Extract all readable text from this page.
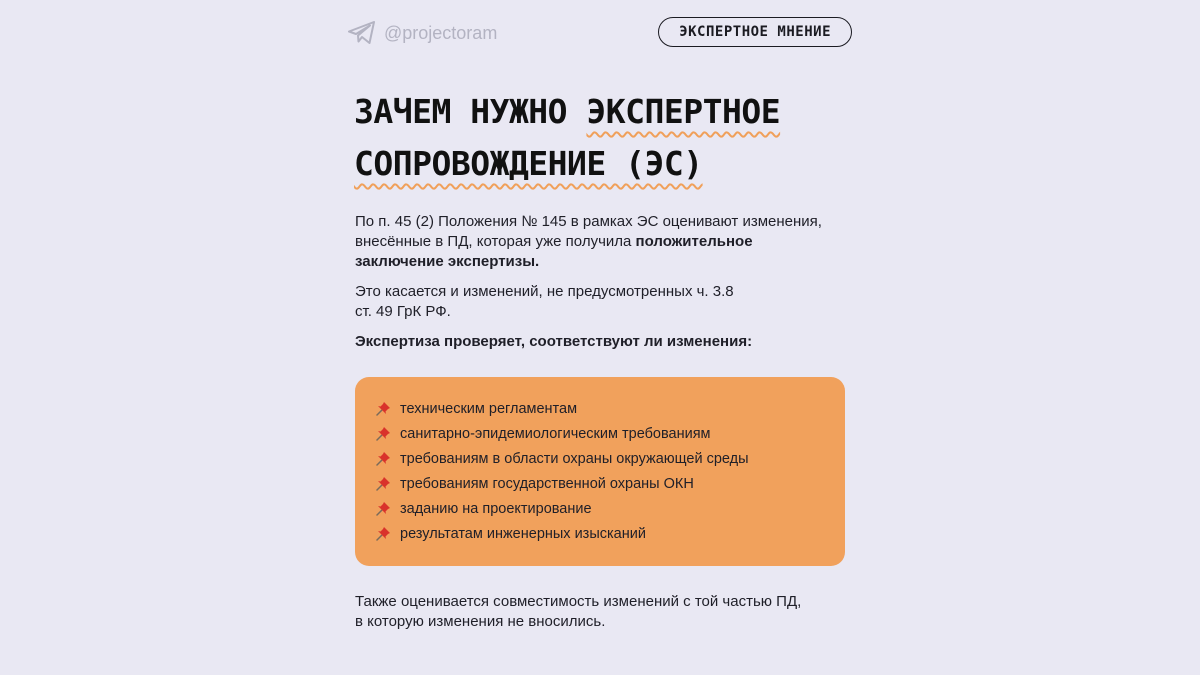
@projectoram	ЭКСПЕРТНОЕ МНЕНИЕ
ЗАЧЕМ НУЖНО ЭКСПЕРТНОЕ
СОПРОВОЖДЕНИЕ (ЭС)

По п. 45 (2) Положения № 145 в рамках ЭС оценивают изменения,
внесённые в ПД, которая уже получила положительное
заключение экспертизы.

Это касается и изменений, не предусмотренных ч. 3.8
ст. 49 ГрК РФ.

Экспертиза проверяет, соответствуют ли изменения:

техническим регламентам
санитарно-эпидемиологическим требованиям
требованиям в области охраны окружающей среды
требованиям государственной охраны ОКН
заданию на проектирование
результатам инженерных изысканий

Также оценивается совместимость изменений с той частью ПД,
в которую изменения не вносились.
